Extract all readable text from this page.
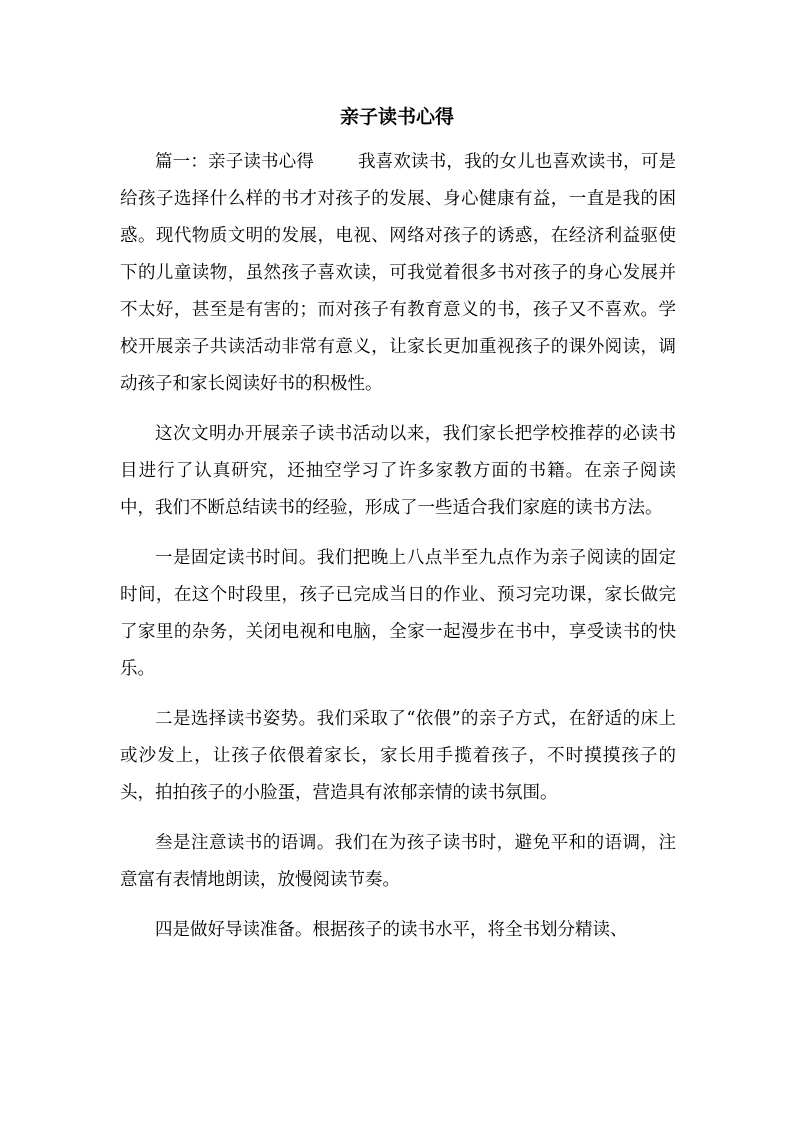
亲子读书心得

篇一：亲子读书心得	我喜欢读书，我的女儿也喜欢读书，可是给孩子选择什么样的书才对孩子的发展、身心健康有益，一直是我的困惑。现代物质文明的发展，电视、网络对孩子的诱惑，在经济利益驱使下的儿童读物，虽然孩子喜欢读，可我觉着很多书对孩子的身心发展并不太好，甚至是有害的；而对孩子有教育意义的书，孩子又不喜欢。学校开展亲子共读活动非常有意义，让家长更加重视孩子的课外阅读，调动孩子和家长阅读好书的积极性。

这次文明办开展亲子读书活动以来，我们家长把学校推荐的必读书目进行了认真研究，还抽空学习了许多家教方面的书籍。在亲子阅读中，我们不断总结读书的经验，形成了一些适合我们家庭的读书方法。

一是固定读书时间。我们把晚上八点半至九点作为亲子阅读的固定时间，在这个时段里，孩子已完成当日的作业、预习完功课，家长做完了家里的杂务，关闭电视和电脑，全家一起漫步在书中，享受读书的快乐。

二是选择读书姿势。我们采取了“依偎”的亲子方式，在舒适的床上或沙发上，让孩子依偎着家长，家长用手揽着孩子，不时摸摸孩子的头，拍拍孩子的小脸蛋，营造具有浓郁亲情的读书氛围。

叁是注意读书的语调。我们在为孩子读书时，避免平和的语调，注意富有表情地朗读，放慢阅读节奏。

四是做好导读准备。根据孩子的读书水平，将全书划分精读、
